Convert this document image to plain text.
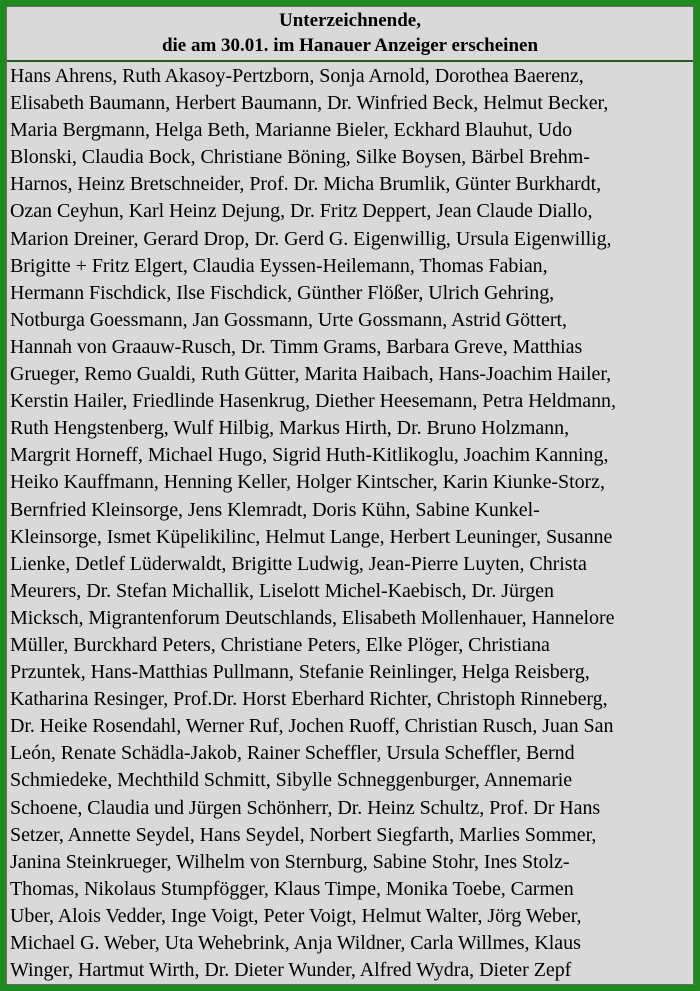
Unterzeichnende,
die am 30.01. im Hanauer Anzeiger erscheinen
Hans Ahrens, Ruth Akasoy-Pertzborn, Sonja Arnold, Dorothea Baerenz,
Elisabeth Baumann, Herbert Baumann, Dr. Winfried Beck, Helmut Becker,
Maria Bergmann, Helga Beth, Marianne Bieler, Eckhard Blauhut, Udo
Blonski, Claudia Bock, Christiane Böning, Silke Boysen, Bärbel Brehm-
Harnos, Heinz Bretschneider, Prof. Dr. Micha Brumlik, Günter Burkhardt,
Ozan Ceyhun, Karl Heinz Dejung, Dr. Fritz Deppert, Jean Claude Diallo,
Marion Dreiner, Gerard Drop, Dr. Gerd G. Eigenwillig, Ursula Eigenwillig,
Brigitte + Fritz Elgert, Claudia Eyssen-Heilemann, Thomas Fabian,
Hermann Fischdick, Ilse Fischdick, Günther Flößer, Ulrich Gehring,
Notburga Goessmann, Jan Gossmann, Urte Gossmann, Astrid Göttert,
Hannah von Graauw-Rusch, Dr. Timm Grams, Barbara Greve, Matthias
Grueger, Remo Gualdi, Ruth Gütter, Marita Haibach, Hans-Joachim Hailer,
Kerstin Hailer, Friedlinde Hasenkrug, Diether Heesemann, Petra Heldmann,
Ruth Hengstenberg, Wulf Hilbig, Markus Hirth, Dr. Bruno Holzmann,
Margrit Horneff, Michael Hugo, Sigrid Huth-Kitlikoglu, Joachim Kanning,
Heiko Kauffmann, Henning Keller, Holger Kintscher, Karin Kiunke-Storz,
Bernfried Kleinsorge, Jens Klemradt, Doris Kühn, Sabine Kunkel-
Kleinsorge, Ismet Küpelikilinc, Helmut Lange, Herbert Leuninger, Susanne
Lienke, Detlef Lüderwaldt, Brigitte Ludwig, Jean-Pierre Luyten, Christa
Meurers, Dr. Stefan Michallik, Liselott Michel-Kaebisch, Dr. Jürgen
Micksch, Migrantenforum Deutschlands, Elisabeth Mollenhauer, Hannelore
Müller, Burckhard Peters, Christiane Peters, Elke Plöger, Christiana
Przuntek, Hans-Matthias Pullmann, Stefanie Reinlinger, Helga Reisberg,
Katharina Resinger, Prof.Dr. Horst Eberhard Richter, Christoph Rinneberg,
Dr. Heike Rosendahl, Werner Ruf, Jochen Ruoff, Christian Rusch, Juan San
León, Renate Schädla-Jakob, Rainer Scheffler, Ursula Scheffler, Bernd
Schmiedeke, Mechthild Schmitt, Sibylle Schneggenburger, Annemarie
Schoene, Claudia und Jürgen Schönherr, Dr. Heinz Schultz, Prof. Dr Hans
Setzer, Annette Seydel, Hans Seydel, Norbert Siegfarth, Marlies Sommer,
Janina Steinkrueger, Wilhelm von Sternburg, Sabine Stohr, Ines Stolz-
Thomas, Nikolaus Stumpfögger, Klaus Timpe, Monika Toebe, Carmen
Uber, Alois Vedder, Inge Voigt, Peter Voigt, Helmut Walter, Jörg Weber,
Michael G. Weber, Uta Wehebrink, Anja Wildner, Carla Willmes, Klaus
Winger, Hartmut Wirth, Dr. Dieter Wunder, Alfred Wydra, Dieter Zepf
